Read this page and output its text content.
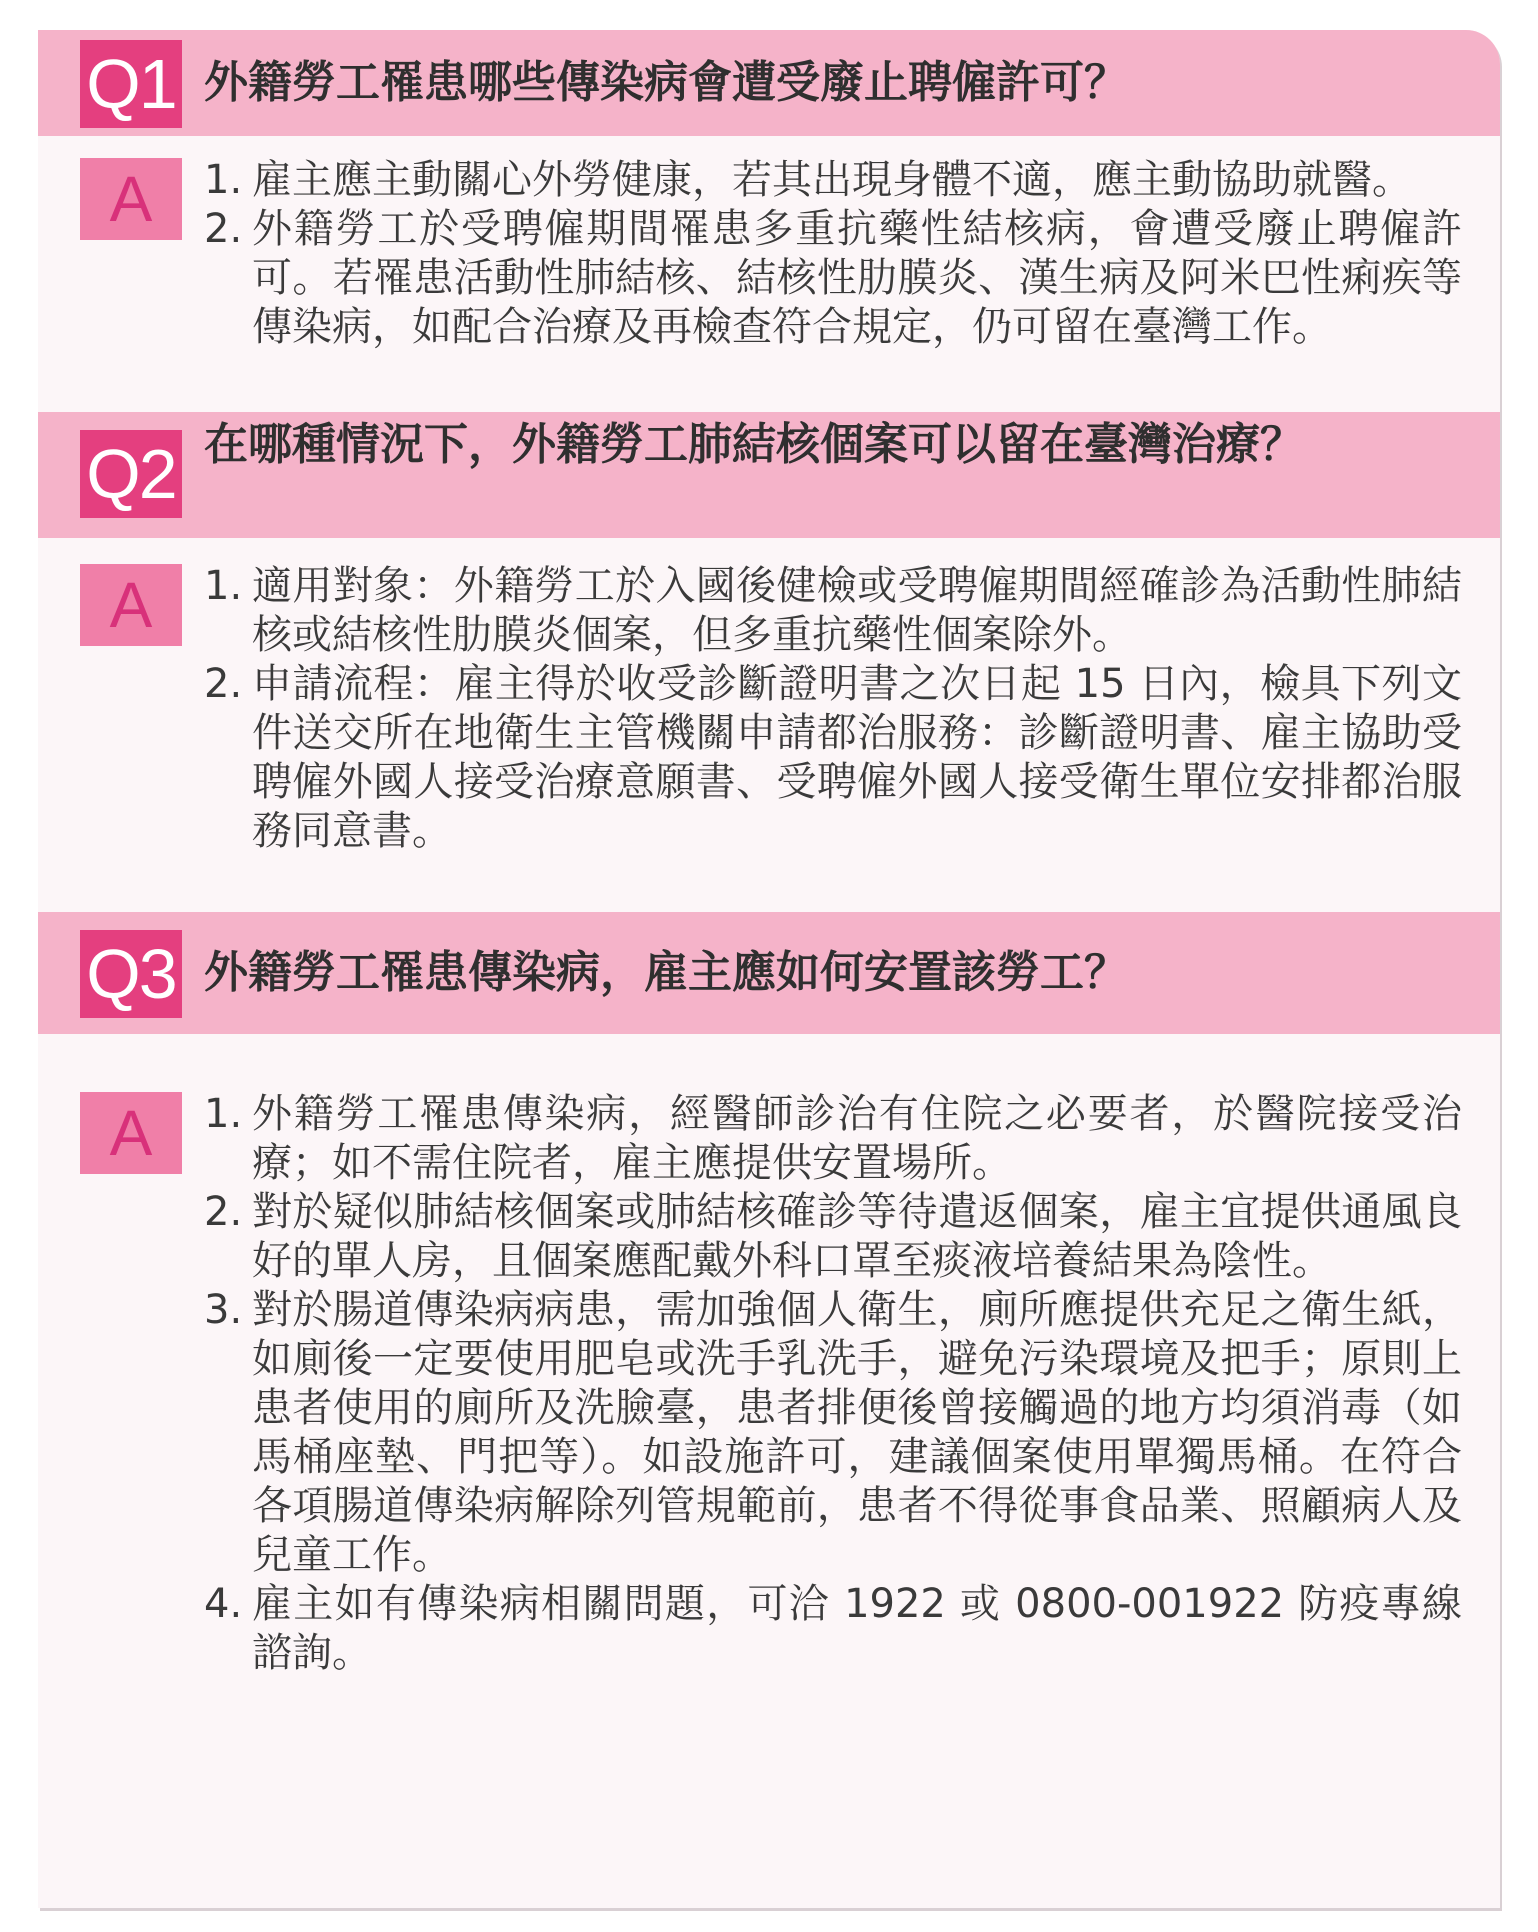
Q1 外籍勞工罹患哪些傳染病會遭受廢止聘僱許可？
A	1. 雇主應主動關心外勞健康，若其出現身體不適，應主動協助就醫。
2. 外籍勞工於受聘僱期間罹患多重抗藥性結核病，會遭受廢止聘僱許可。若罹患活動性肺結核、結核性肋膜炎、漢生病及阿米巴性痢疾等傳染病，如配合治療及再檢查符合規定，仍可留在臺灣工作。
Q2 在哪種情況下，外籍勞工肺結核個案可以留在臺灣治療？
A	1. 適用對象：外籍勞工於入國後健檢或受聘僱期間經確診為活動性肺結核或結核性肋膜炎個案，但多重抗藥性個案除外。
2. 申請流程：雇主得於收受診斷證明書之次日起 15 日內，檢具下列文件送交所在地衛生主管機關申請都治服務：診斷證明書、雇主協助受聘僱外國人接受治療意願書、受聘僱外國人接受衛生單位安排都治服務同意書。
Q3 外籍勞工罹患傳染病，雇主應如何安置該勞工？
A	1. 外籍勞工罹患傳染病，經醫師診治有住院之必要者，於醫院接受治療；如不需住院者，雇主應提供安置場所。
2. 對於疑似肺結核個案或肺結核確診等待遣返個案，雇主宜提供通風良好的單人房，且個案應配戴外科口罩至痰液培養結果為陰性。
3. 對於腸道傳染病病患，需加強個人衛生，廁所應提供充足之衛生紙，如廁後一定要使用肥皂或洗手乳洗手，避免污染環境及把手；原則上患者使用的廁所及洗臉臺，患者排便後曾接觸過的地方均須消毒（如馬桶座墊、門把等）。如設施許可，建議個案使用單獨馬桶。在符合各項腸道傳染病解除列管規範前，患者不得從事食品業、照顧病人及兒童工作。
4. 雇主如有傳染病相關問題，可洽 1922 或 0800-001922 防疫專線諮詢。
